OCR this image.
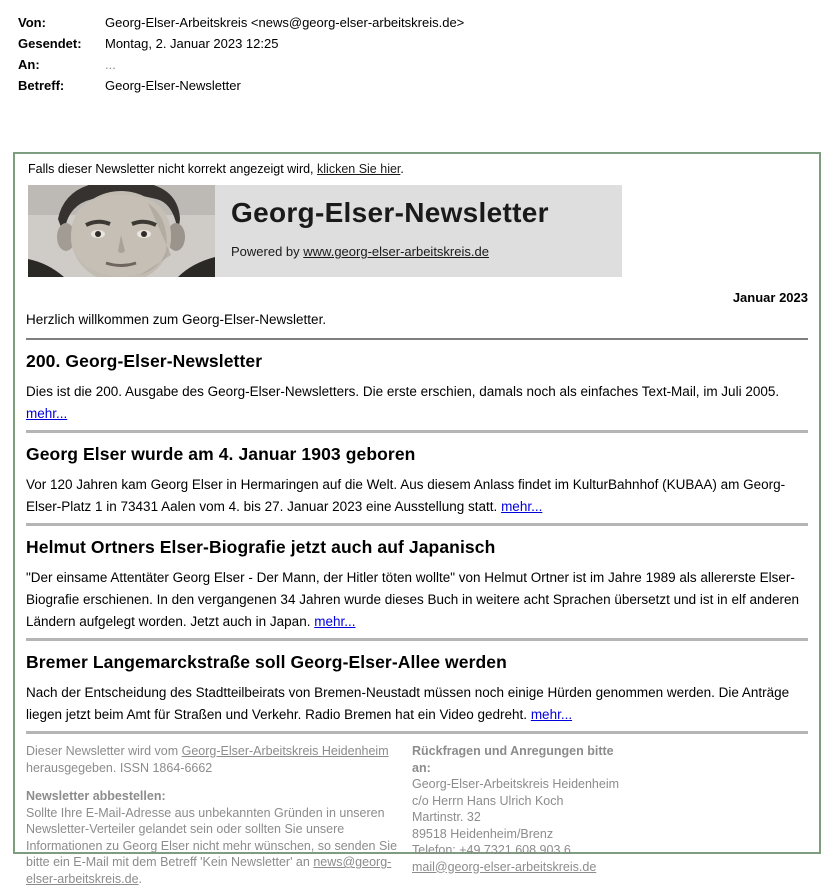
Von:	Georg-Elser-Arbeitskreis <news@georg-elser-arbeitskreis.de>
Gesendet:	Montag, 2. Januar 2023 12:25
An:	...
Betreff:	Georg-Elser-Newsletter
Falls dieser Newsletter nicht korrekt angezeigt wird, klicken Sie hier.
Georg-Elser-Newsletter
Powered by www.georg-elser-arbeitskreis.de
Januar 2023
Herzlich willkommen zum Georg-Elser-Newsletter.
200. Georg-Elser-Newsletter

Dies ist die 200. Ausgabe des Georg-Elser-Newsletters. Die erste erschien, damals noch als einfaches Text-Mail, im Juli 2005. mehr...

Georg Elser wurde am 4. Januar 1903 geboren

Vor 120 Jahren kam Georg Elser in Hermaringen auf die Welt. Aus diesem Anlass findet im KulturBahnhof (KUBAA) am Georg-Elser-Platz 1 in 73431 Aalen vom 4. bis 27. Januar 2023 eine Ausstellung statt. mehr...

Helmut Ortners Elser-Biografie jetzt auch auf Japanisch

"Der einsame Attentäter Georg Elser - Der Mann, der Hitler töten wollte" von Helmut Ortner ist im Jahre 1989 als allererste Elser-Biografie erschienen. In den vergangenen 34 Jahren wurde dieses Buch in weitere acht Sprachen übersetzt und ist in elf anderen Ländern aufgelegt worden. Jetzt auch in Japan. mehr...

Bremer Langemarckstraße soll Georg-Elser-Allee werden

Nach der Entscheidung des Stadtteilbeirats von Bremen-Neustadt müssen noch einige Hürden genommen werden. Die Anträge liegen jetzt beim Amt für Straßen und Verkehr. Radio Bremen hat ein Video gedreht. mehr...

Dieser Newsletter wird vom Georg-Elser-Arbeitskreis Heidenheim herausgegeben. ISSN 1864-6662

Newsletter abbestellen:
Sollte Ihre E-Mail-Adresse aus unbekannten Gründen in unseren Newsletter-Verteiler gelandet sein oder sollten Sie unsere Informationen zu Georg Elser nicht mehr wünschen, so senden Sie bitte ein E-Mail mit dem Betreff 'Kein Newsletter' an news@georg-elser-arbeitskreis.de.

Rückfragen und Anregungen bitte an:
Georg-Elser-Arbeitskreis Heidenheim
c/o Herrn Hans Ulrich Koch
Martinstr. 32
89518 Heidenheim/Brenz
Telefon: +49 7321 608 903 6
mail@georg-elser-arbeitskreis.de
